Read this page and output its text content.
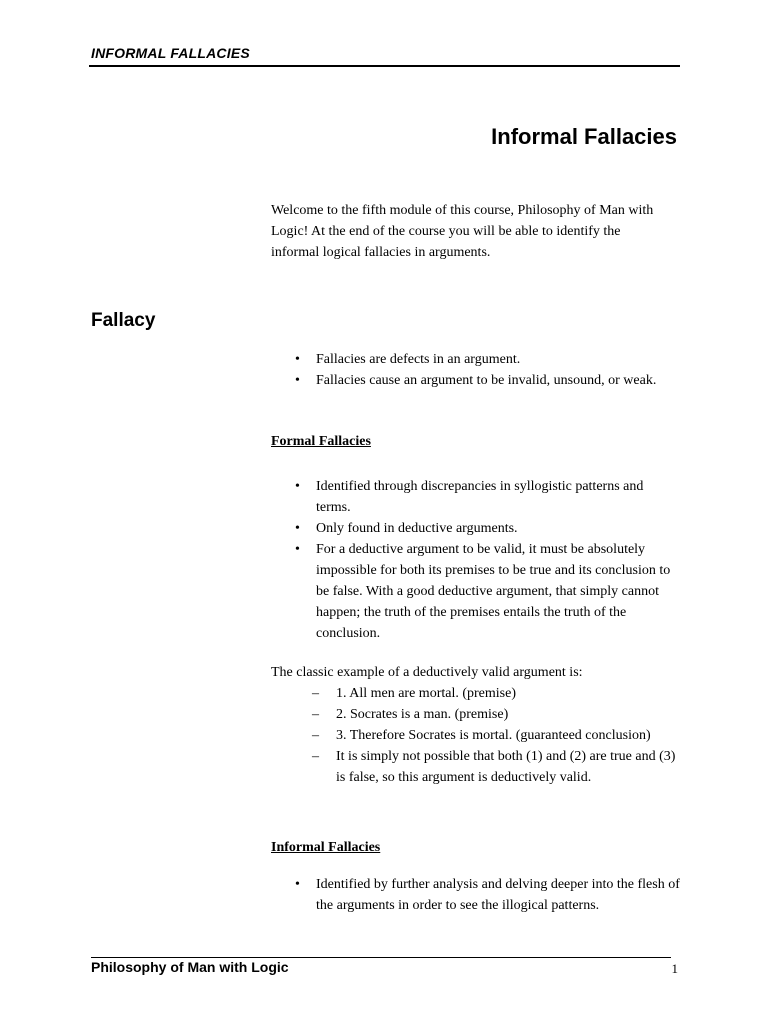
INFORMAL FALLACIES
Informal Fallacies

Welcome to the fifth module of this course, Philosophy of Man with Logic! At the end of the course you will be able to identify the informal logical fallacies in arguments.

Fallacy
• Fallacies are defects in an argument.
• Fallacies cause an argument to be invalid, unsound, or weak.
Formal Fallacies
• Identified through discrepancies in syllogistic patterns and terms.
• Only found in deductive arguments.
• For a deductive argument to be valid, it must be absolutely impossible for both its premises to be true and its conclusion to be false. With a good deductive argument, that simply cannot happen; the truth of the premises entails the truth of the conclusion.

The classic example of a deductively valid argument is:

– 1. All men are mortal. (premise)
– 2. Socrates is a man. (premise)
– 3. Therefore Socrates is mortal. (guaranteed conclusion)
– It is simply not possible that both (1) and (2) are true and (3) is false, so this argument is deductively valid.
Informal Fallacies
• Identified by further analysis and delving deeper into the flesh of the arguments in order to see the illogical patterns.
Philosophy of Man with Logic	1
